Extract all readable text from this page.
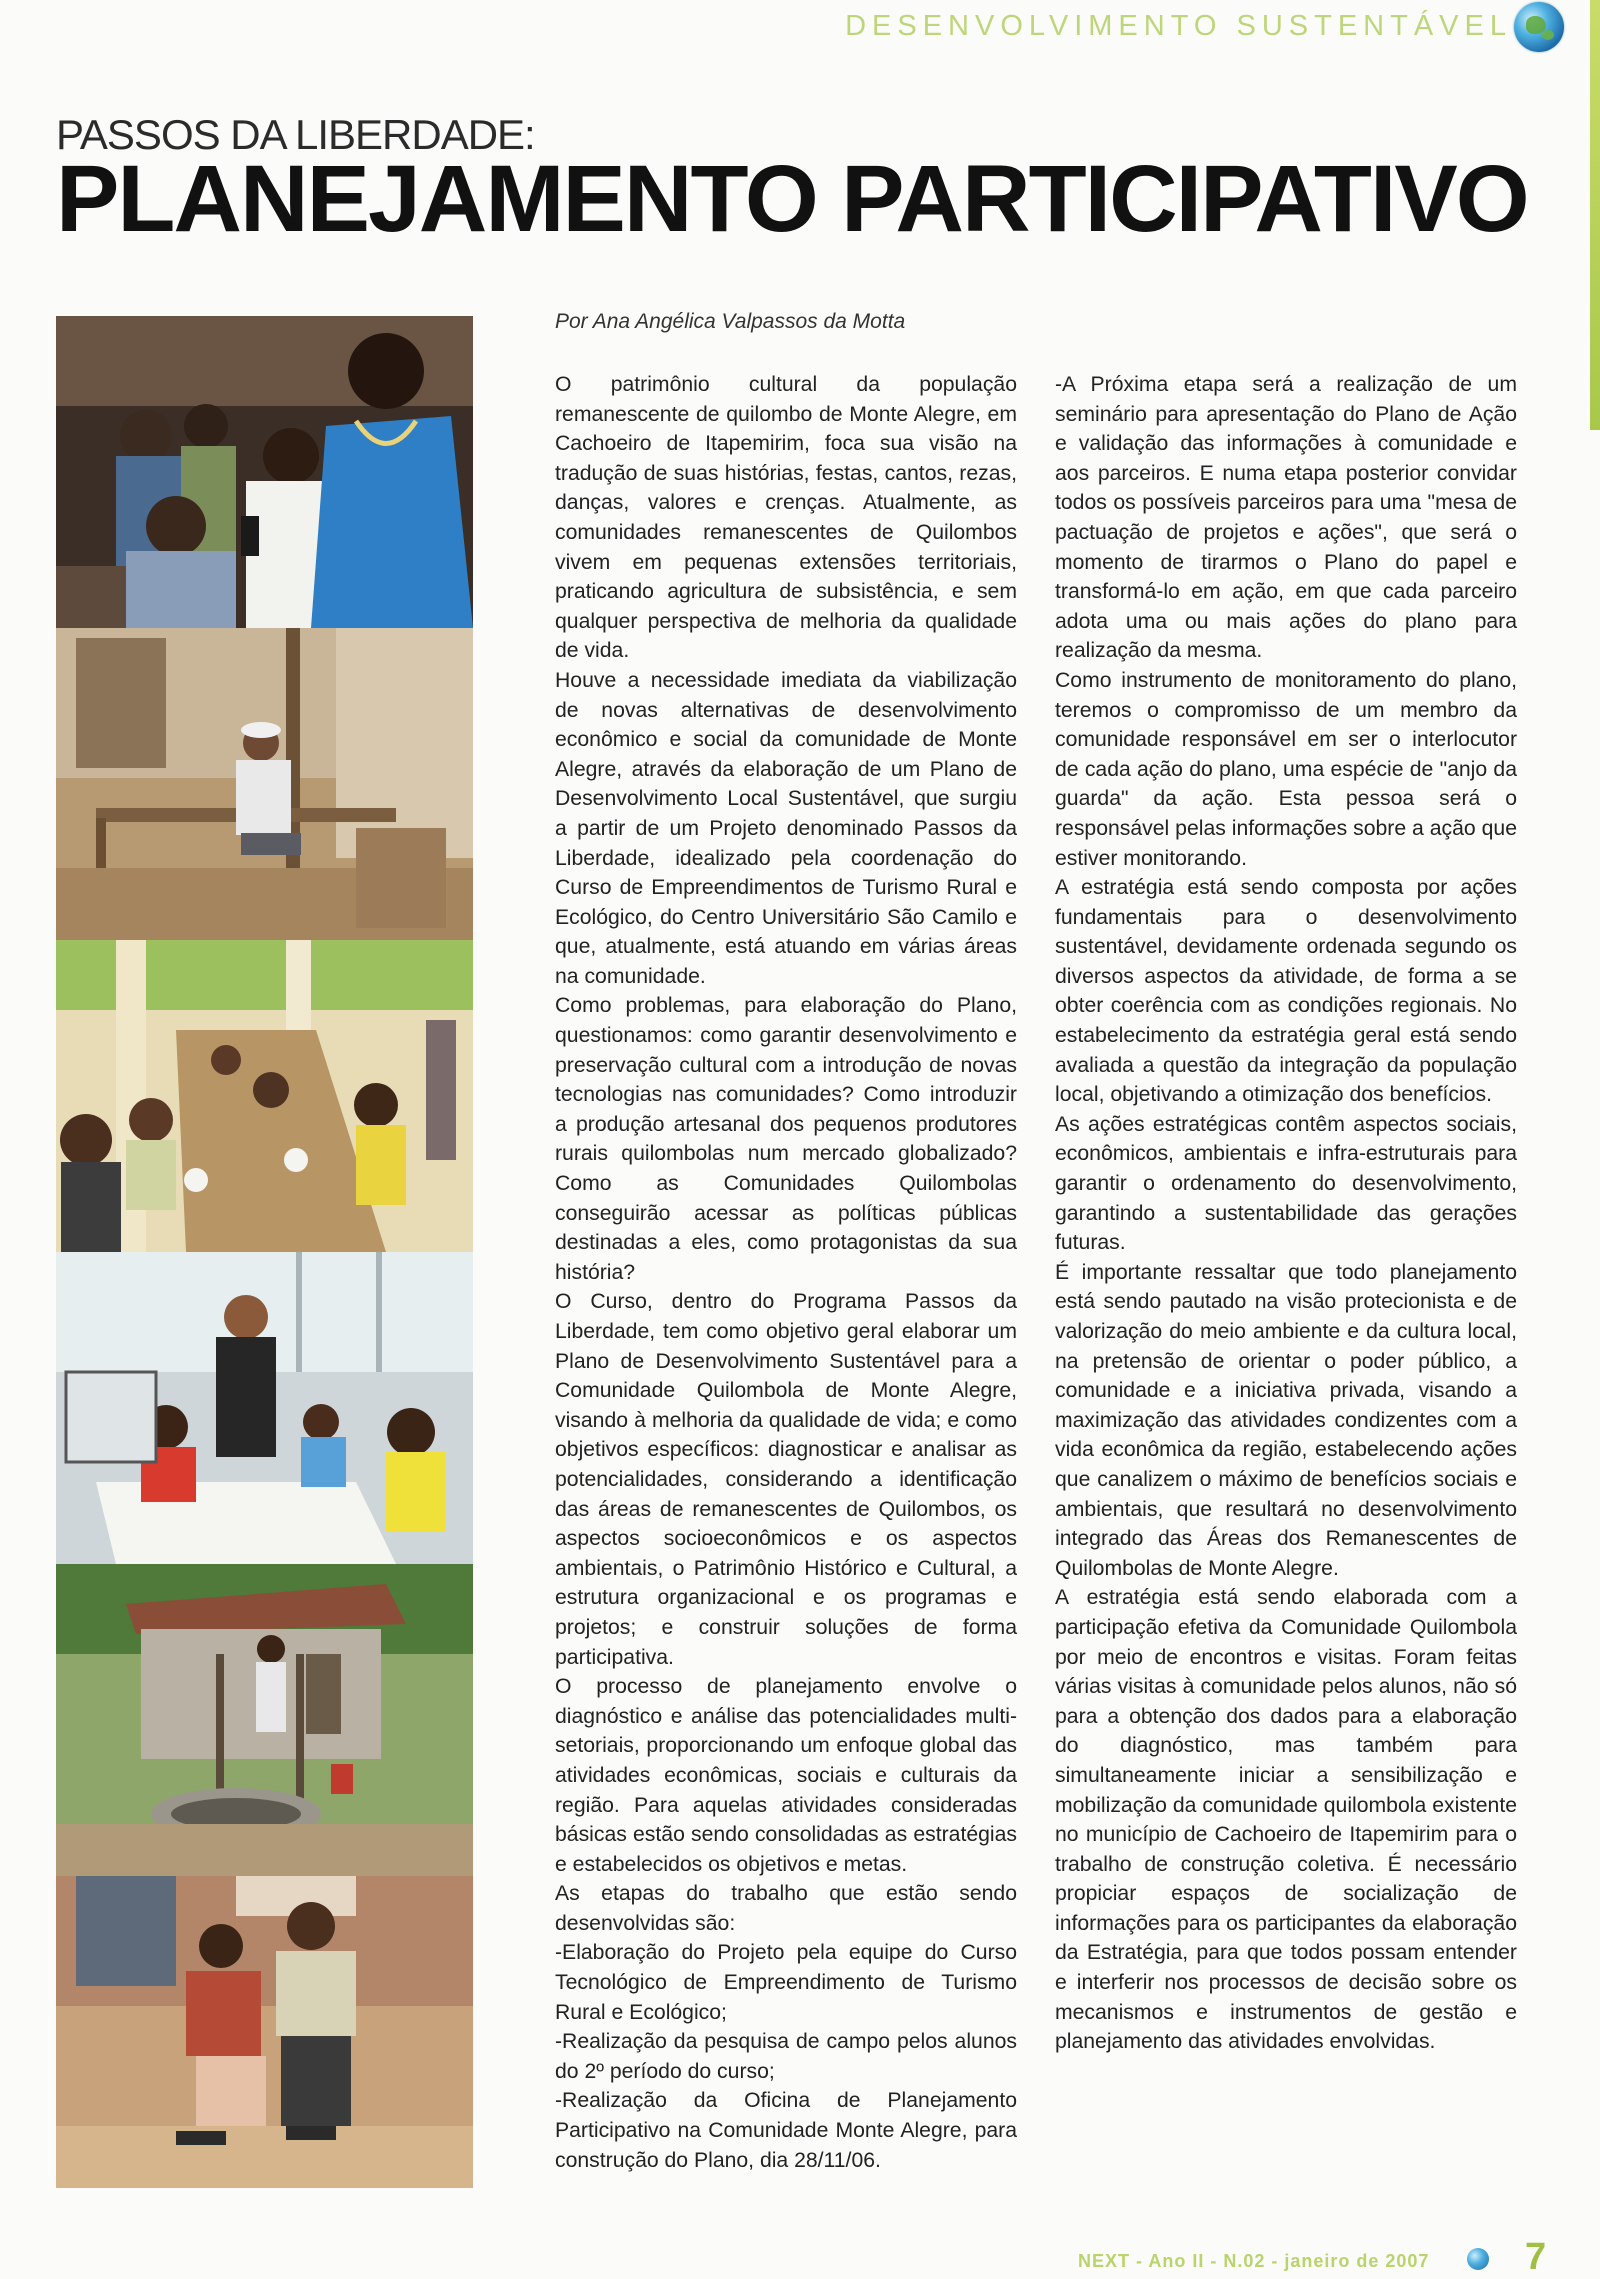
DESENVOLVIMENTO SUSTENTÁVEL
PASSOS DA LIBERDADE:
PLANEJAMENTO PARTICIPATIVO
Por Ana Angélica Valpassos da Motta

O patrimônio cultural da população remanescente de quilombo de Monte Alegre, em Cachoeiro de Itapemirim, foca sua visão na tradução de suas histórias, festas, cantos, rezas, danças, valores e crenças. Atualmente, as comunidades remanescentes de Quilombos vivem em pequenas extensões territoriais, praticando agricultura de subsistência, e sem qualquer perspectiva de melhoria da qualidade de vida.

Houve a necessidade imediata da viabilização de novas alternativas de desenvolvimento econômico e social da comunidade de Monte Alegre, através da elaboração de um Plano de Desenvolvimento Local Sustentável, que surgiu a partir de um Projeto denominado Passos da Liberdade, idealizado pela coordenação do Curso de Empreendimentos de Turismo Rural e Ecológico, do Centro Universitário São Camilo e que, atualmente, está atuando em várias áreas na comunidade.

Como problemas, para elaboração do Plano, questionamos: como garantir desenvolvimento e preservação cultural com a introdução de novas tecnologias nas comunidades? Como introduzir a produção artesanal dos pequenos produtores rurais quilombolas num mercado globalizado? Como as Comunidades Quilombolas conseguirão acessar as políticas públicas destinadas a eles, como protagonistas da sua história?

O Curso, dentro do Programa Passos da Liberdade, tem como objetivo geral elaborar um Plano de Desenvolvimento Sustentável para a Comunidade Quilombola de Monte Alegre, visando à melhoria da qualidade de vida; e como objetivos específicos: diagnosticar e analisar as potencialidades, considerando a identificação das áreas de remanescentes de Quilombos, os aspectos socioeconômicos e os aspectos ambientais, o Patrimônio Histórico e Cultural, a estrutura organizacional e os programas e projetos; e construir soluções de forma participativa.

O processo de planejamento envolve o diagnóstico e análise das potencialidades multi-setoriais, proporcionando um enfoque global das atividades econômicas, sociais e culturais da região. Para aquelas atividades consideradas básicas estão sendo consolidadas as estratégias e estabelecidos os objetivos e metas.

As etapas do trabalho que estão sendo desenvolvidas são:

-Elaboração do Projeto pela equipe do Curso Tecnológico de Empreendimento de Turismo Rural e Ecológico;

-Realização da pesquisa de campo pelos alunos do 2º período do curso;

-Realização da Oficina de Planejamento Participativo na Comunidade Monte Alegre, para construção do Plano, dia 28/11/06.

-A Próxima etapa será a realização de um seminário para apresentação do Plano de Ação e validação das informações à comunidade e aos parceiros. E numa etapa posterior convidar todos os possíveis parceiros para uma "mesa de pactuação de projetos e ações", que será o momento de tirarmos o Plano do papel e transformá-lo em ação, em que cada parceiro adota uma ou mais ações do plano para realização da mesma.

Como instrumento de monitoramento do plano, teremos o compromisso de um membro da comunidade responsável em ser o interlocutor de cada ação do plano, uma espécie de "anjo da guarda" da ação. Esta pessoa será o responsável pelas informações sobre a ação que estiver monitorando.

A estratégia está sendo composta por ações fundamentais para o desenvolvimento sustentável, devidamente ordenada segundo os diversos aspectos da atividade, de forma a se obter coerência com as condições regionais. No estabelecimento da estratégia geral está sendo avaliada a questão da integração da população local, objetivando a otimização dos benefícios.

As ações estratégicas contêm aspectos sociais, econômicos, ambientais e infra-estruturais para garantir o ordenamento do desenvolvimento, garantindo a sustentabilidade das gerações futuras.

É importante ressaltar que todo planejamento está sendo pautado na visão protecionista e de valorização do meio ambiente e da cultura local, na pretensão de orientar o poder público, a comunidade e a iniciativa privada, visando a maximização das atividades condizentes com a vida econômica da região, estabelecendo ações que canalizem o máximo de benefícios sociais e ambientais, que resultará no desenvolvimento integrado das Áreas dos Remanescentes de Quilombolas de Monte Alegre.

A estratégia está sendo elaborada com a participação efetiva da Comunidade Quilombola por meio de encontros e visitas. Foram feitas várias visitas à comunidade pelos alunos, não só para a obtenção dos dados para a elaboração do diagnóstico, mas também para simultaneamente iniciar a sensibilização e mobilização da comunidade quilombola existente no município de Cachoeiro de Itapemirim para o trabalho de construção coletiva. É necessário propiciar espaços de socialização de informações para os participantes da elaboração da Estratégia, para que todos possam entender e interferir nos processos de decisão sobre os mecanismos e instrumentos de gestão e planejamento das atividades envolvidas.

NEXT - Ano II - N.02 - janeiro de 2007	7
